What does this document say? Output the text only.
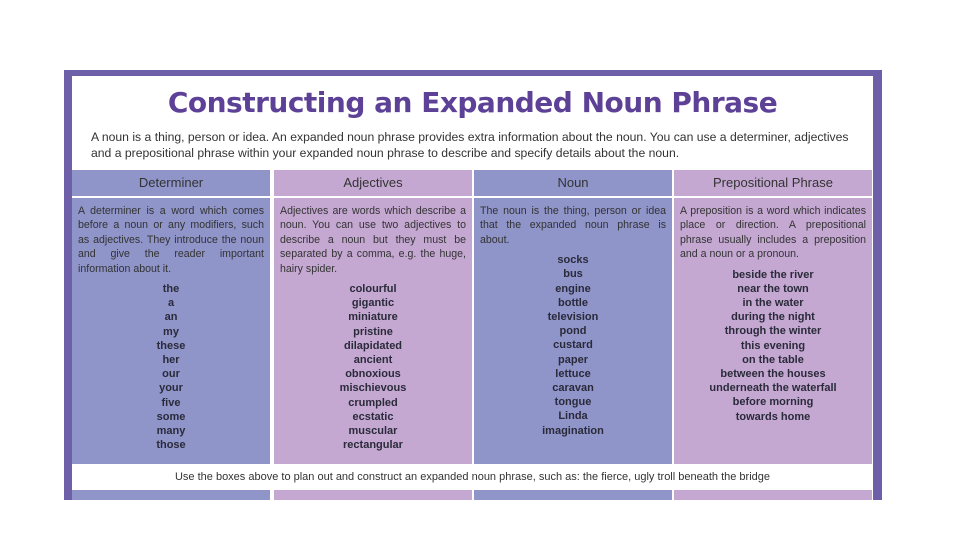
Constructing an Expanded Noun Phrase
A noun is a thing, person or idea. An expanded noun phrase provides extra information about the noun. You can use a determiner, adjectives and a prepositional phrase within your expanded noun phrase to describe and specify details about the noun.
Determiner
A determiner is a word which comes before a noun or any modifiers, such as adjectives. They introduce the noun and give the reader important information about it.
the
a
an
my
these
her
our
your
five
some
many
those
Adjectives
Adjectives are words which describe a noun. You can use two adjectives to describe a noun but they must be separated by a comma, e.g. the huge, hairy spider.
colourful
gigantic
miniature
pristine
dilapidated
ancient
obnoxious
mischievous
crumpled
ecstatic
muscular
rectangular
Noun
The noun is the thing, person or idea that the expanded noun phrase is about.
socks
bus
engine
bottle
television
pond
custard
paper
lettuce
caravan
tongue
Linda
imagination
Prepositional Phrase
A preposition is a word which indicates place or direction. A prepositional phrase usually includes a preposition and a noun or a pronoun.
beside the river
near the town
in the water
during the night
through the winter
this evening
on the table
between the houses
underneath the waterfall
before morning
towards home
Use the boxes above to plan out and construct an expanded noun phrase, such as: the fierce, ugly troll beneath the bridge
